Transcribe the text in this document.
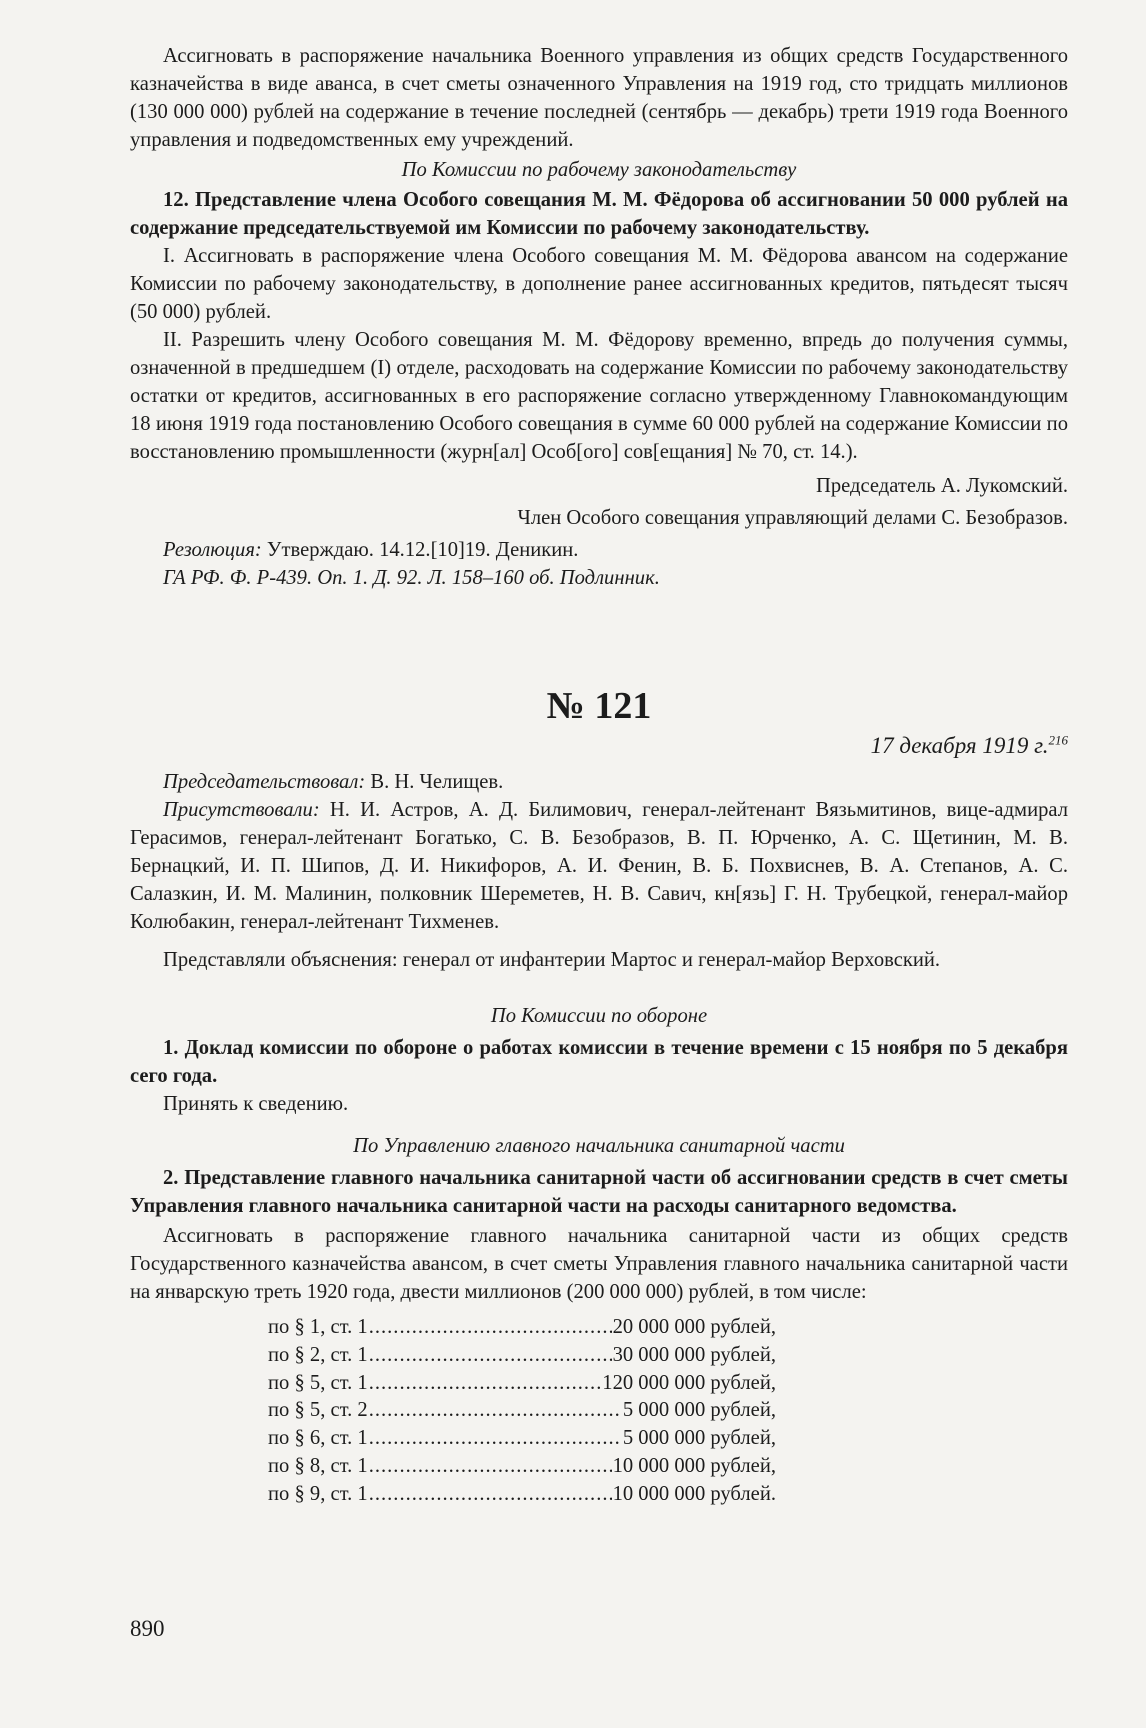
Ассигновать в распоряжение начальника Военного управления из общих средств Государственного казначейства в виде аванса, в счет сметы означенного Управления на 1919 год, сто тридцать миллионов (130 000 000) рублей на содержание в течение последней (сентябрь — декабрь) трети 1919 года Военного управления и подведомственных ему учреждений.

По Комиссии по рабочему законодательству

12. Представление члена Особого совещания М. М. Фёдорова об ассигновании 50 000 рублей на содержание председательствуемой им Комиссии по рабочему законодательству.

I. Ассигновать в распоряжение члена Особого совещания М. М. Фёдорова авансом на содержание Комиссии по рабочему законодательству, в дополнение ранее ассигнованных кредитов, пятьдесят тысяч (50 000) рублей.

II. Разрешить члену Особого совещания М. М. Фёдорову временно, впредь до получения суммы, означенной в предшедшем (I) отделе, расходовать на содержание Комиссии по рабочему законодательству остатки от кредитов, ассигнованных в его распоряжение согласно утвержденному Главнокомандующим 18 июня 1919 года постановлению Особого совещания в сумме 60 000 рублей на содержание Комиссии по восстановлению промышленности (журн[ал] Особ[ого] сов[ещания] № 70, ст. 14.).

Председатель А. Лукомский.

Член Особого совещания управляющий делами С. Безобразов.

Резолюция: Утверждаю. 14.12.[10]19. Деникин.

ГА РФ. Ф. Р-439. Оп. 1. Д. 92. Л. 158–160 об. Подлинник.

№ 121
17 декабря 1919 г.$^{216}$

Председательствовал: В. Н. Челищев.

Присутствовали: Н. И. Астров, А. Д. Билимович, генерал-лейтенант Вязьмитинов, вице-адмирал Герасимов, генерал-лейтенант Богатько, С. В. Безобразов, В. П. Юрченко, А. С. Щетинин, М. В. Бернацкий, И. П. Шипов, Д. И. Никифоров, А. И. Фенин, В. Б. Похвиснев, В. А. Степанов, А. С. Салазкин, И. М. Малинин, полковник Шереметев, Н. В. Савич, кн[язь] Г. Н. Трубецкой, генерал-майор Колюбакин, генерал-лейтенант Тихменев.

Представляли объяснения: генерал от инфантерии Мартос и генерал-майор Верховский.

По Комиссии по обороне

1. Доклад комиссии по обороне о работах комиссии в течение времени с 15 ноября по 5 декабря сего года.

Принять к сведению.

По Управлению главного начальника санитарной части

2. Представление главного начальника санитарной части об ассигновании средств в счет сметы Управления главного начальника санитарной части на расходы санитарного ведомства.

Ассигновать в распоряжение главного начальника санитарной части из общих средств Государственного казначейства авансом, в счет сметы Управления главного начальника санитарной части на январскую треть 1920 года, двести миллионов (200 000 000) рублей, в том числе:

по § 1, ст. 1 .....	20 000 000 рублей,
по § 2, ст. 1 .....	30 000 000 рублей,
по § 5, ст. 1 .....	120 000 000 рублей,
по § 5, ст. 2 .....	5 000 000 рублей,
по § 6, ст. 1 .....	5 000 000 рублей,
по § 8, ст. 1 .....	10 000 000 рублей,
по § 9, ст. 1 .....	10 000 000 рублей.
890
